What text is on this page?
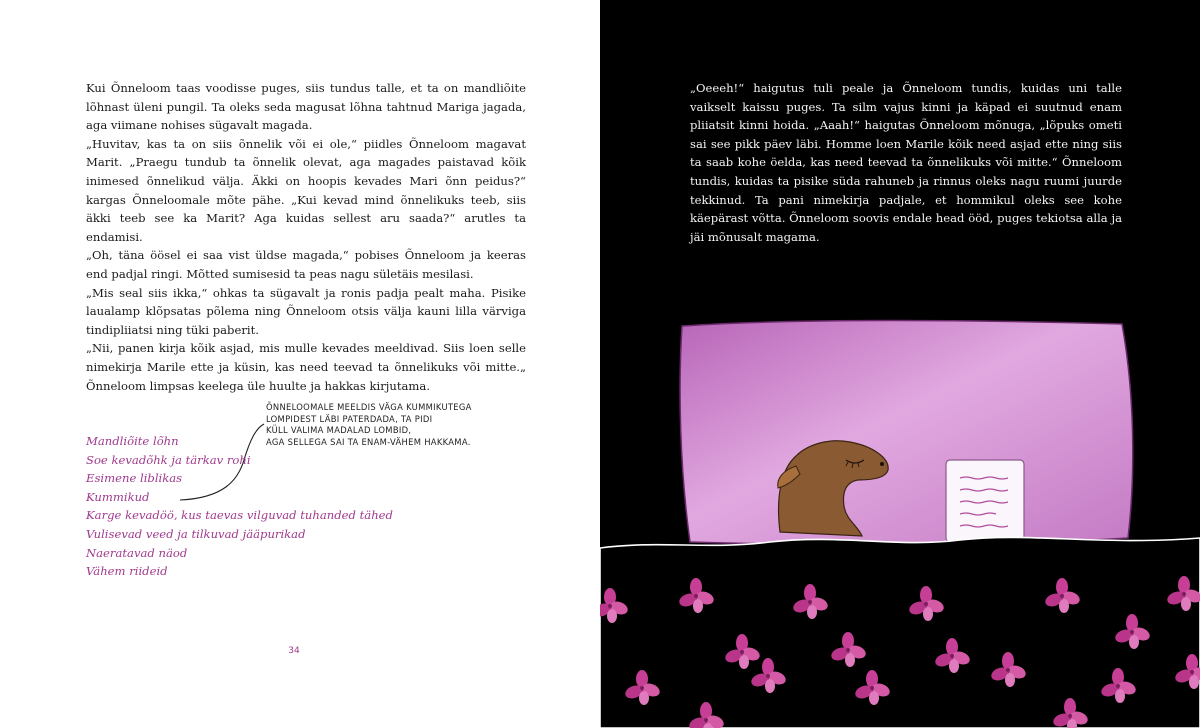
Kui Õnneloom taas voodisse puges, siis tundus talle, et ta on mandliõite lõhnast üleni pungil. Ta oleks seda magusat lõhna tahtnud Mariga jagada, aga viimane nohises sügavalt magada.

„Huvitav, kas ta on siis õnnelik või ei ole,“ piidles Õnneloom magavat Marit. „Praegu tundub ta õnnelik olevat, aga magades paistavad kõik inimesed õnnelikud välja. Äkki on hoopis kevades Mari õnn peidus?“ kargas Õnneloomale mõte pähe. „Kui kevad mind õnnelikuks teeb, siis äkki teeb see ka Marit? Aga kuidas sellest aru saada?“ arutles ta endamisi.

„Oh, täna öösel ei saa vist üldse magada,“ pobises Õnneloom ja keeras end padjal ringi. Mõtted sumisesid ta peas nagu sületäis mesilasi.

„Mis seal siis ikka,“ ohkas ta sügavalt ja ronis padja pealt maha. Pisike laualamp klõpsatas põlema ning Õnneloom otsis välja kauni lilla värviga tindipliiatsi ning tüki paberit.

„Nii, panen kirja kõik asjad, mis mulle kevades meeldivad. Siis loen selle nimekirja Marile ette ja küsin, kas need teevad ta õnnelikuks või mitte.„ Õnneloom limpsas keelega üle huulte ja hakkas kirjutama.

ÕNNELOOMALE MEELDIS VÄGA KUMMIKUTEGA
LOMPIDEST LÄBI PATERDADA, TA PIDI
KÜLL VALIMA MADALAD LOMBID,
AGA SELLEGA SAI TA ENAM-VÄHEM HAKKAMA.
Mandliõite lõhn
Soe kevadõhk ja tärkav rohi
Esimene liblikas
Kummikud
Karge kevadöö, kus taevas vilguvad tuhanded tähed
Vulisevad veed ja tilkuvad jääpurikad
Naeratavad näod
Vähem riideid
34

„Oeeeh!“ haigutus tuli peale ja Õnneloom tundis, kuidas uni talle vaikselt kaissu puges. Ta silm vajus kinni ja käpad ei suutnud enam pliiatsit kinni hoida. „Aaah!“ haigutas Õnneloom mõnuga, „lõpuks ometi sai see pikk päev läbi. Homme loen Marile kõik need asjad ette ning siis ta saab kohe öelda, kas need teevad ta õnnelikuks või mitte.“ Õnneloom tundis, kuidas ta pisike süda rahuneb ja rinnus oleks nagu ruumi juurde tekkinud. Ta pani nimekirja padjale, et hommikul oleks see kohe käepärast võtta. Õnneloom soovis endale head ööd, puges tekiotsa alla ja jäi mõnusalt magama.
